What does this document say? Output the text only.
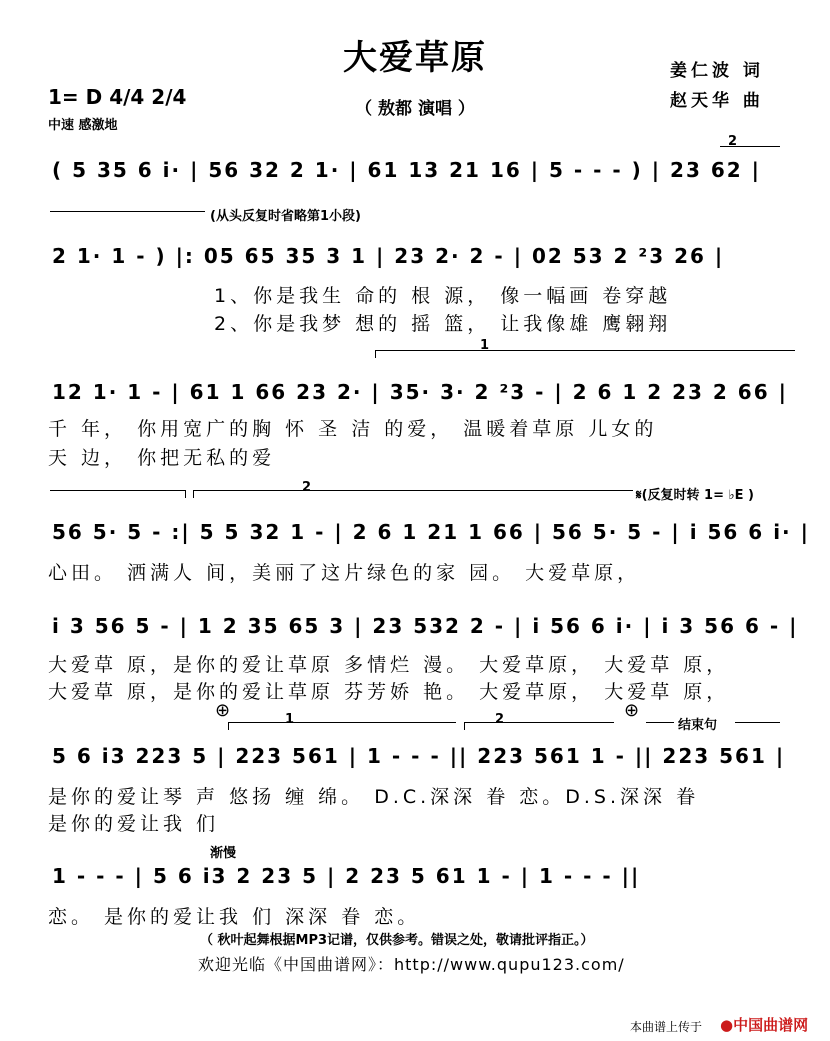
大爱草原
（ 敖都 演唱 ）
姜仁波 词
赵天华 曲
1= D 4/4 2/4
中速 感激地
2
( 5 35 6 i· | 56 32 2 1· | 61 13 21 16 | 5 - - - ) | 23 62 |
(从头反复时省略第1小段)
2 1· 1 - ) |: 05 65 35 3 1 | 23 2· 2 - | 02 53 2 ²3 26 |
1、你是我生 命的 根 源， 像一幅画 卷穿越
2、你是我梦 想的 摇 篮， 让我像雄 鹰翱翔
1
12 1· 1 - | 61 1 66 23 2· | 35· 3· 2 ²3 - | 2 6 1 2 23 2 66 |
千 年， 你用宽广的胸 怀 圣 洁 的爱， 温暖着草原 儿女的
天 边， 你把无私的爱
2
𝄋(反复时转 1= ♭E )
56 5· 5 - :| 5 5 32 1 - | 2 6 1 21 1 66 | 56 5· 5 - | i 56 6 i· |
心田。 洒满人 间，美丽了这片绿色的家 园。 大爱草原，
i 3 56 5 - | 1 2 35 65 3 | 23 532 2 - | i 56 6 i· | i 3 56 6 - |
大爱草 原，是你的爱让草原 多情烂 漫。 大爱草原， 大爱草 原，
大爱草 原，是你的爱让草原 芬芳娇 艳。 大爱草原， 大爱草 原，
⊕	⊕
1	2	结束句
5 6 i3 223 5 | 223 561 | 1 - - - || 223 561 1 - || 223 561 |
是你的爱让琴 声 悠扬 缠 绵。 D.C.深深 眷 恋。D.S.深深 眷
是你的爱让我 们
渐慢
1 - - - | 5 6 i3 2 23 5 | 2 23 5 61 1 - | 1 - - - ||
恋。 是你的爱让我 们 深深 眷 恋。
（ 秋叶起舞根据MP3记谱，仅供参考。错误之处，敬请批评指正。）
欢迎光临《中国曲谱网》：http://www.qupu123.com/
本曲谱上传于 ●中国曲谱网
